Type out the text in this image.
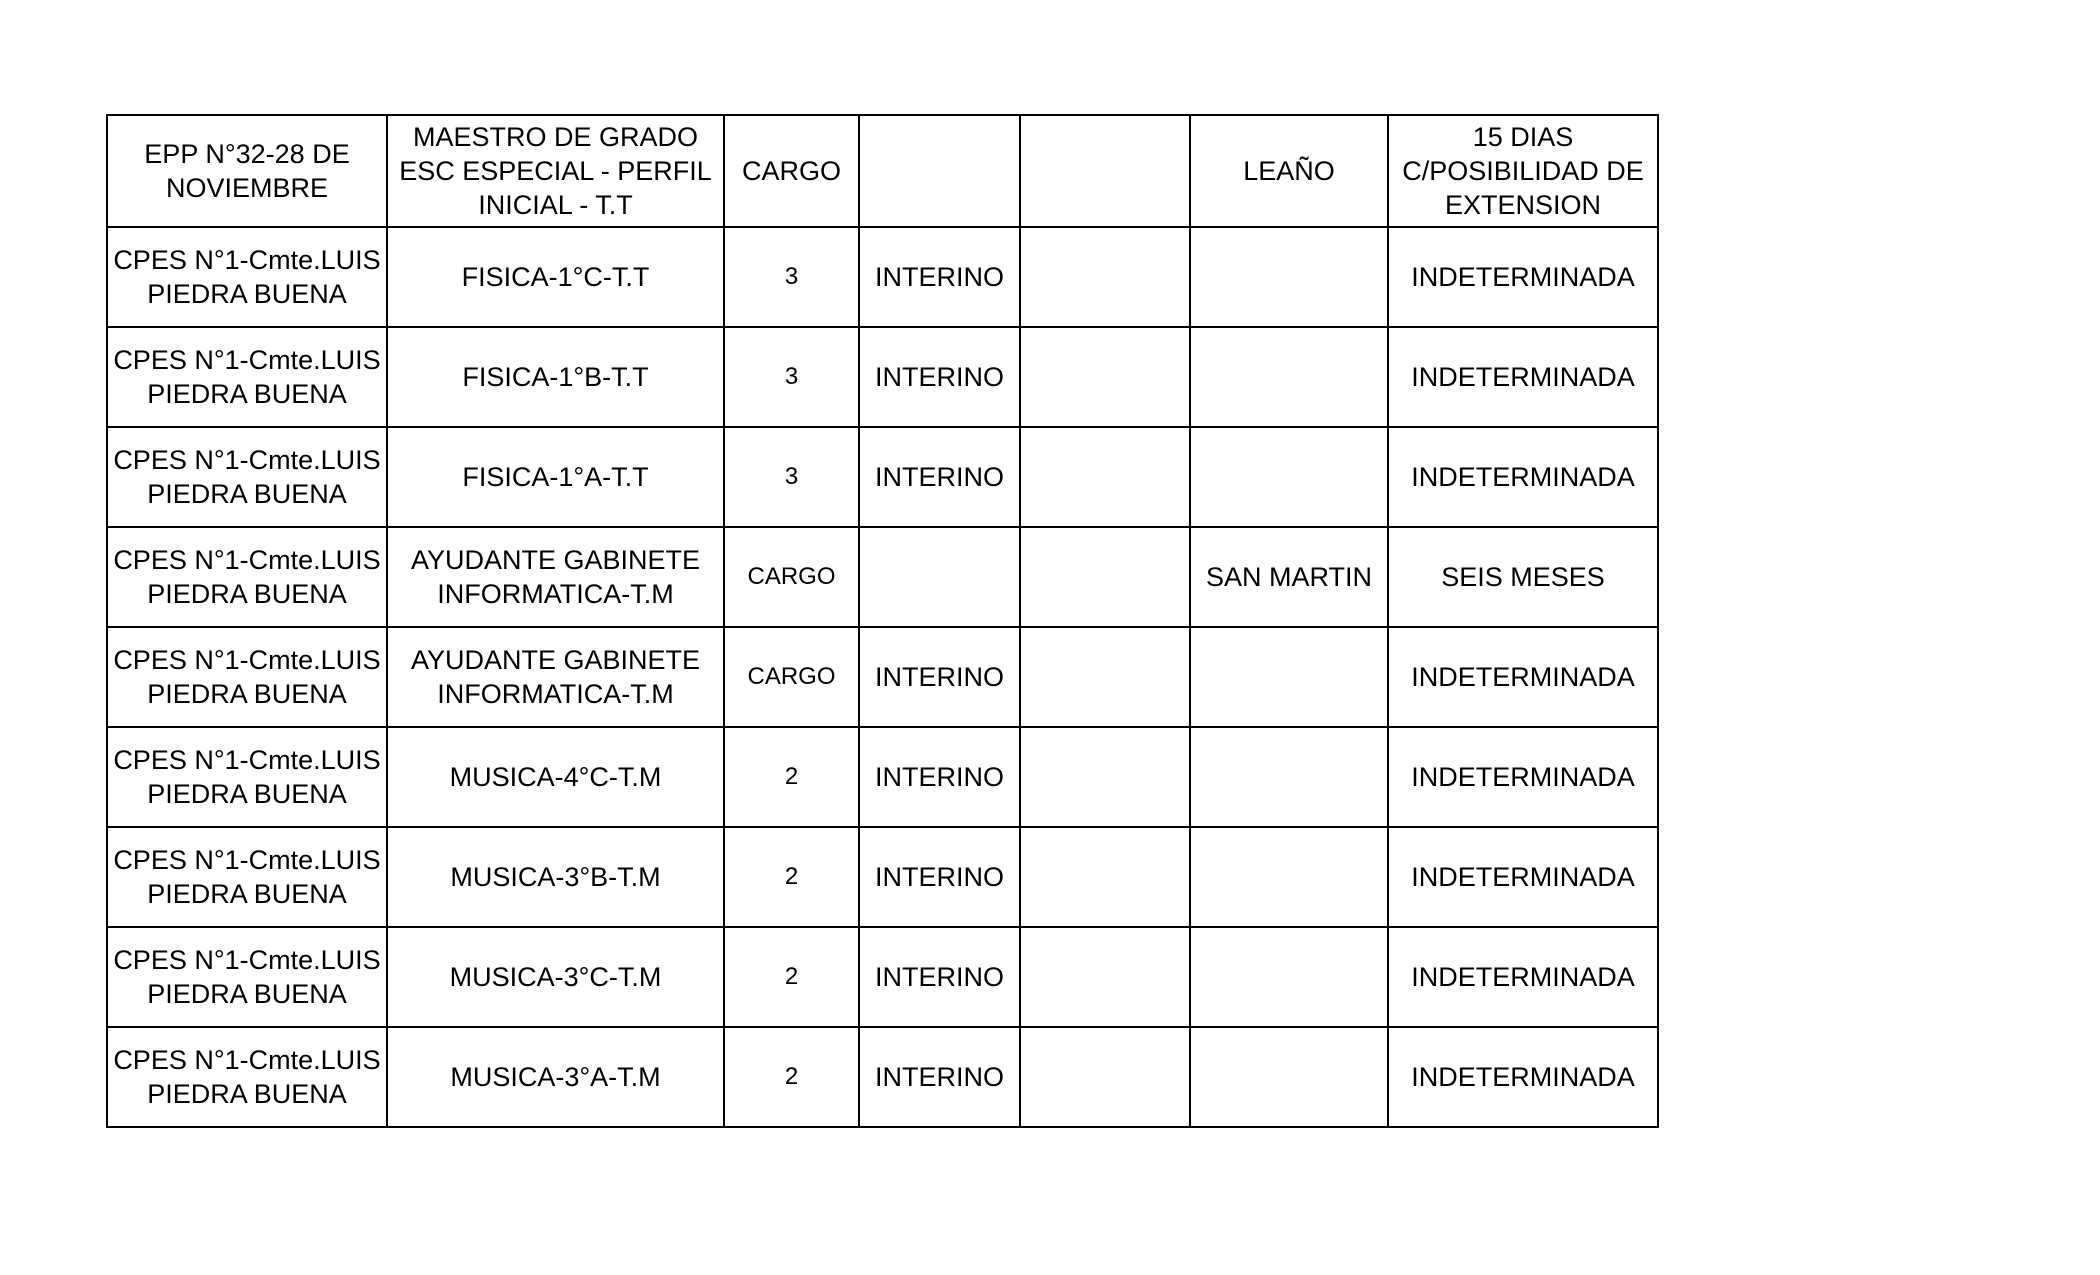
EPP N°32-28 DE
NOVIEMBRE	MAESTRO DE GRADO
ESC ESPECIAL - PERFIL
INICIAL - T.T	CARGO			LEAÑO	15 DIAS
C/POSIBILIDAD DE
EXTENSION
CPES N°1-Cmte.LUIS
PIEDRA BUENA	FISICA-1°C-T.T	3	INTERINO			INDETERMINADA
CPES N°1-Cmte.LUIS
PIEDRA BUENA	FISICA-1°B-T.T	3	INTERINO			INDETERMINADA
CPES N°1-Cmte.LUIS
PIEDRA BUENA	FISICA-1°A-T.T	3	INTERINO			INDETERMINADA
CPES N°1-Cmte.LUIS
PIEDRA BUENA	AYUDANTE GABINETE
INFORMATICA-T.M	CARGO			SAN MARTIN	SEIS MESES
CPES N°1-Cmte.LUIS
PIEDRA BUENA	AYUDANTE GABINETE
INFORMATICA-T.M	CARGO	INTERINO			INDETERMINADA
CPES N°1-Cmte.LUIS
PIEDRA BUENA	MUSICA-4°C-T.M	2	INTERINO			INDETERMINADA
CPES N°1-Cmte.LUIS
PIEDRA BUENA	MUSICA-3°B-T.M	2	INTERINO			INDETERMINADA
CPES N°1-Cmte.LUIS
PIEDRA BUENA	MUSICA-3°C-T.M	2	INTERINO			INDETERMINADA
CPES N°1-Cmte.LUIS
PIEDRA BUENA	MUSICA-3°A-T.M	2	INTERINO			INDETERMINADA
